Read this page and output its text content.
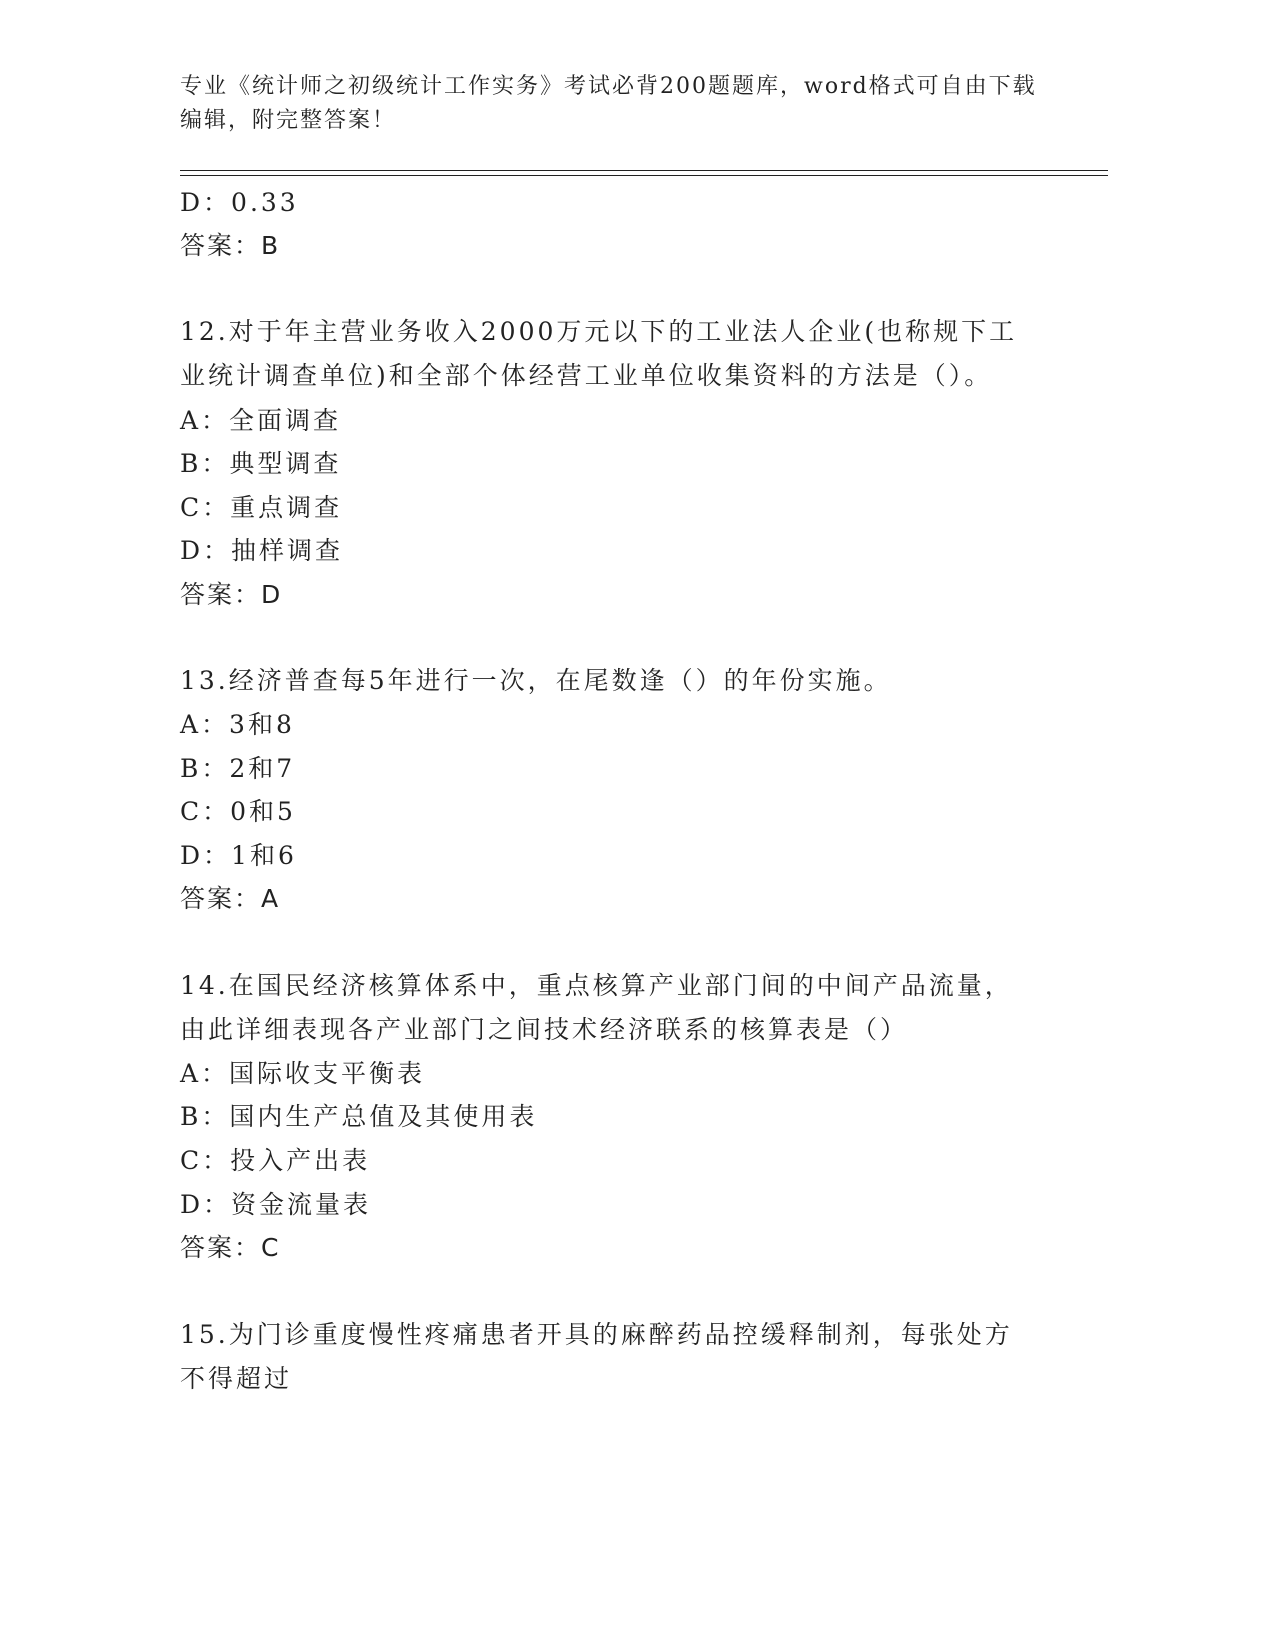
专业《统计师之初级统计工作实务》考试必背200题题库，word格式可自由下载编辑，附完整答案！
D：0.33
答案：B
12.对于年主营业务收入2000万元以下的工业法人企业(也称规下工业统计调查单位)和全部个体经营工业单位收集资料的方法是（）。
A：全面调查
B：典型调查
C：重点调查
D：抽样调查
答案：D
13.经济普查每5年进行一次，在尾数逢（）的年份实施。
A：3和8
B：2和7
C：0和5
D：1和6
答案：A
14.在国民经济核算体系中，重点核算产业部门间的中间产品流量，由此详细表现各产业部门之间技术经济联系的核算表是（）
A：国际收支平衡表
B：国内生产总值及其使用表
C：投入产出表
D：资金流量表
答案：C
15.为门诊重度慢性疼痛患者开具的麻醉药品控缓释制剂，每张处方不得超过
